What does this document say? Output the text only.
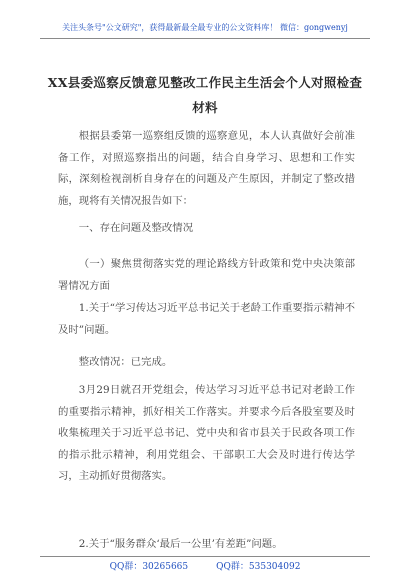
关注头条号"公文研究"，获得最新最全最专业的公文资料库！ 微信：gongwenyj
XX县委巡察反馈意见整改工作民主生活会个人对照检查材料
根据县委第一巡察组反馈的巡察意见，本人认真做好会前准备工作，对照巡察指出的问题，结合自身学习、思想和工作实际，深刻检视剖析自身存在的问题及产生原因，并制定了整改措施，现将有关情况报告如下：
一、存在问题及整改情况
（一）聚焦贯彻落实党的理论路线方针政策和党中央决策部署情况方面
1.关于“学习传达习近平总书记关于老龄工作重要指示精神不及时”问题。
整改情况：已完成。
3月29日就召开党组会，传达学习习近平总书记对老龄工作的重要指示精神，抓好相关工作落实。并要求今后各股室要及时收集梳理关于习近平总书记、党中央和省市县关于民政各项工作的指示批示精神，利用党组会、干部职工大会及时进行传达学习，主动抓好贯彻落实。
2.关于“服务群众‘最后一公里’有差距”问题。
QQ群：30265665	QQ群：535304092
